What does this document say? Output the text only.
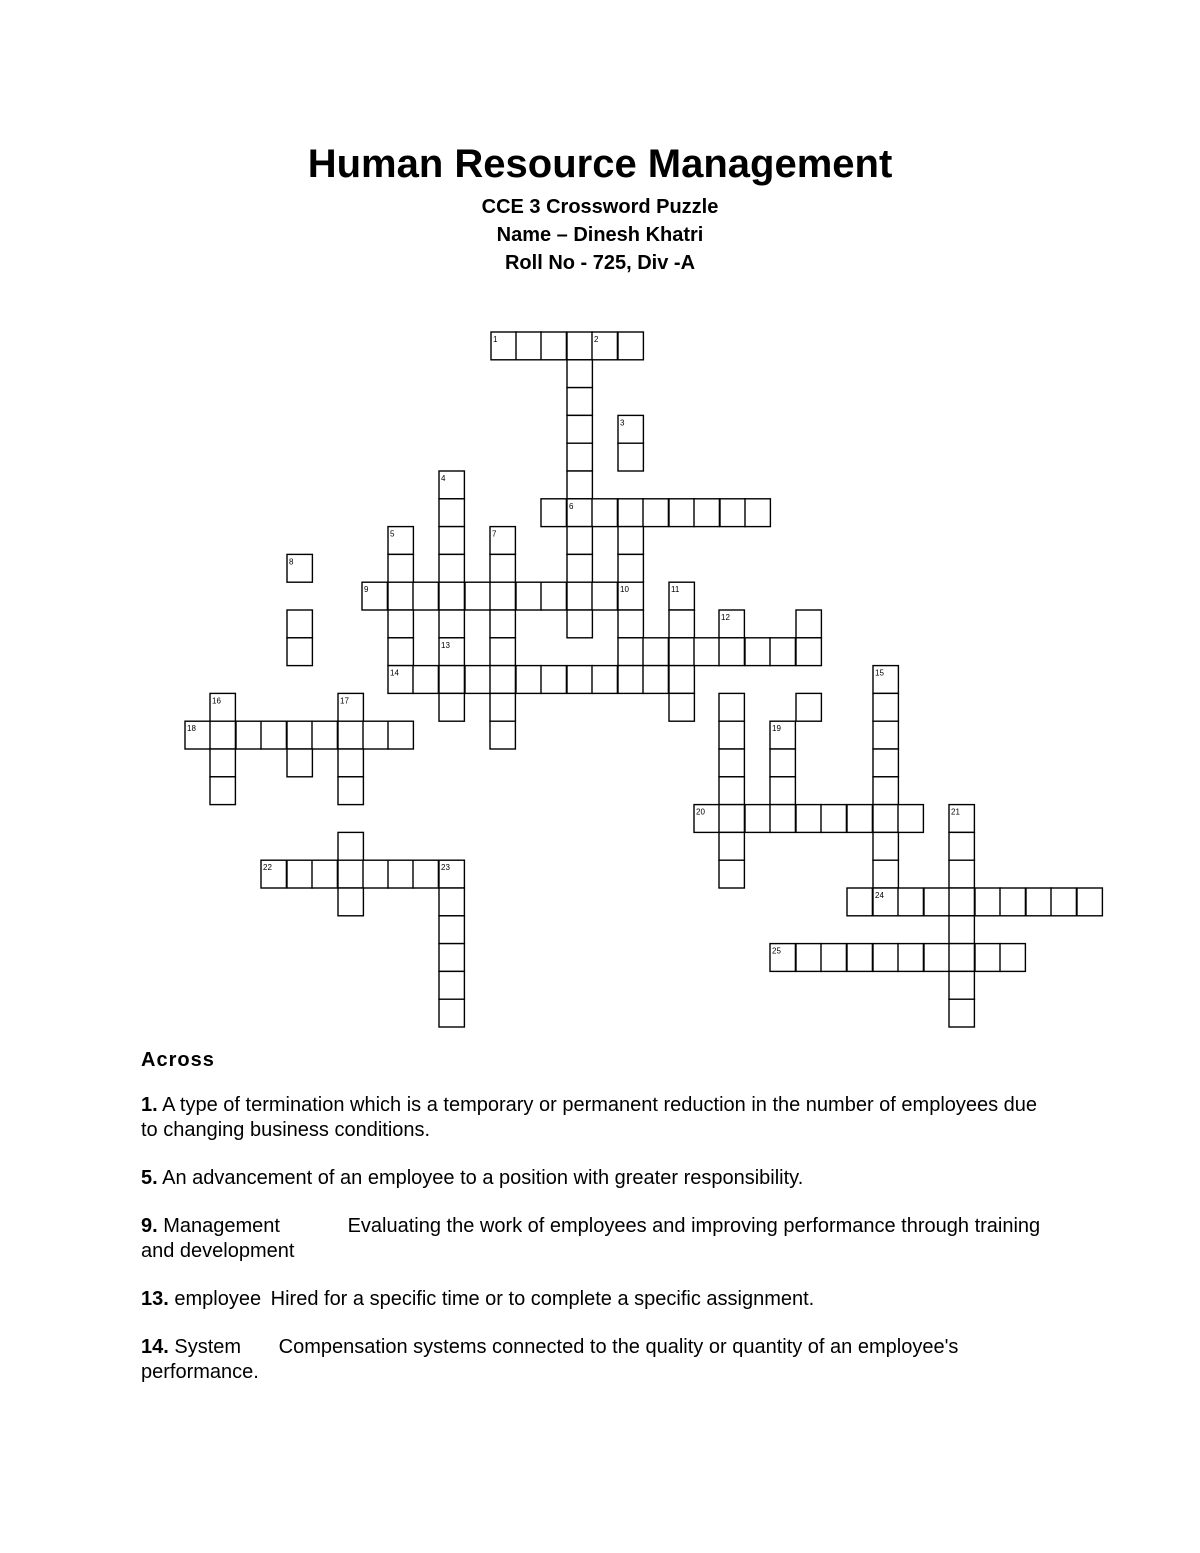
Human Resource Management
CCE 3 Crossword Puzzle
Name – Dinesh Khatri
Roll No - 725, Div -A
1	2
3
4
6
5	7
8
9	10	11
12
13
14	15
16	17
18	19
20	21
22	23
24
25
Across
1. A type of termination which is a temporary or permanent reduction in the number of employees due to changing business conditions.
5. An advancement of an employee to a position with greater responsibility.
9. Management	Evaluating the work of employees and improving performance through training and development
13. employee Hired for a specific time or to complete a specific assignment.
14. System Compensation systems connected to the quality or quantity of an employee's performance.
